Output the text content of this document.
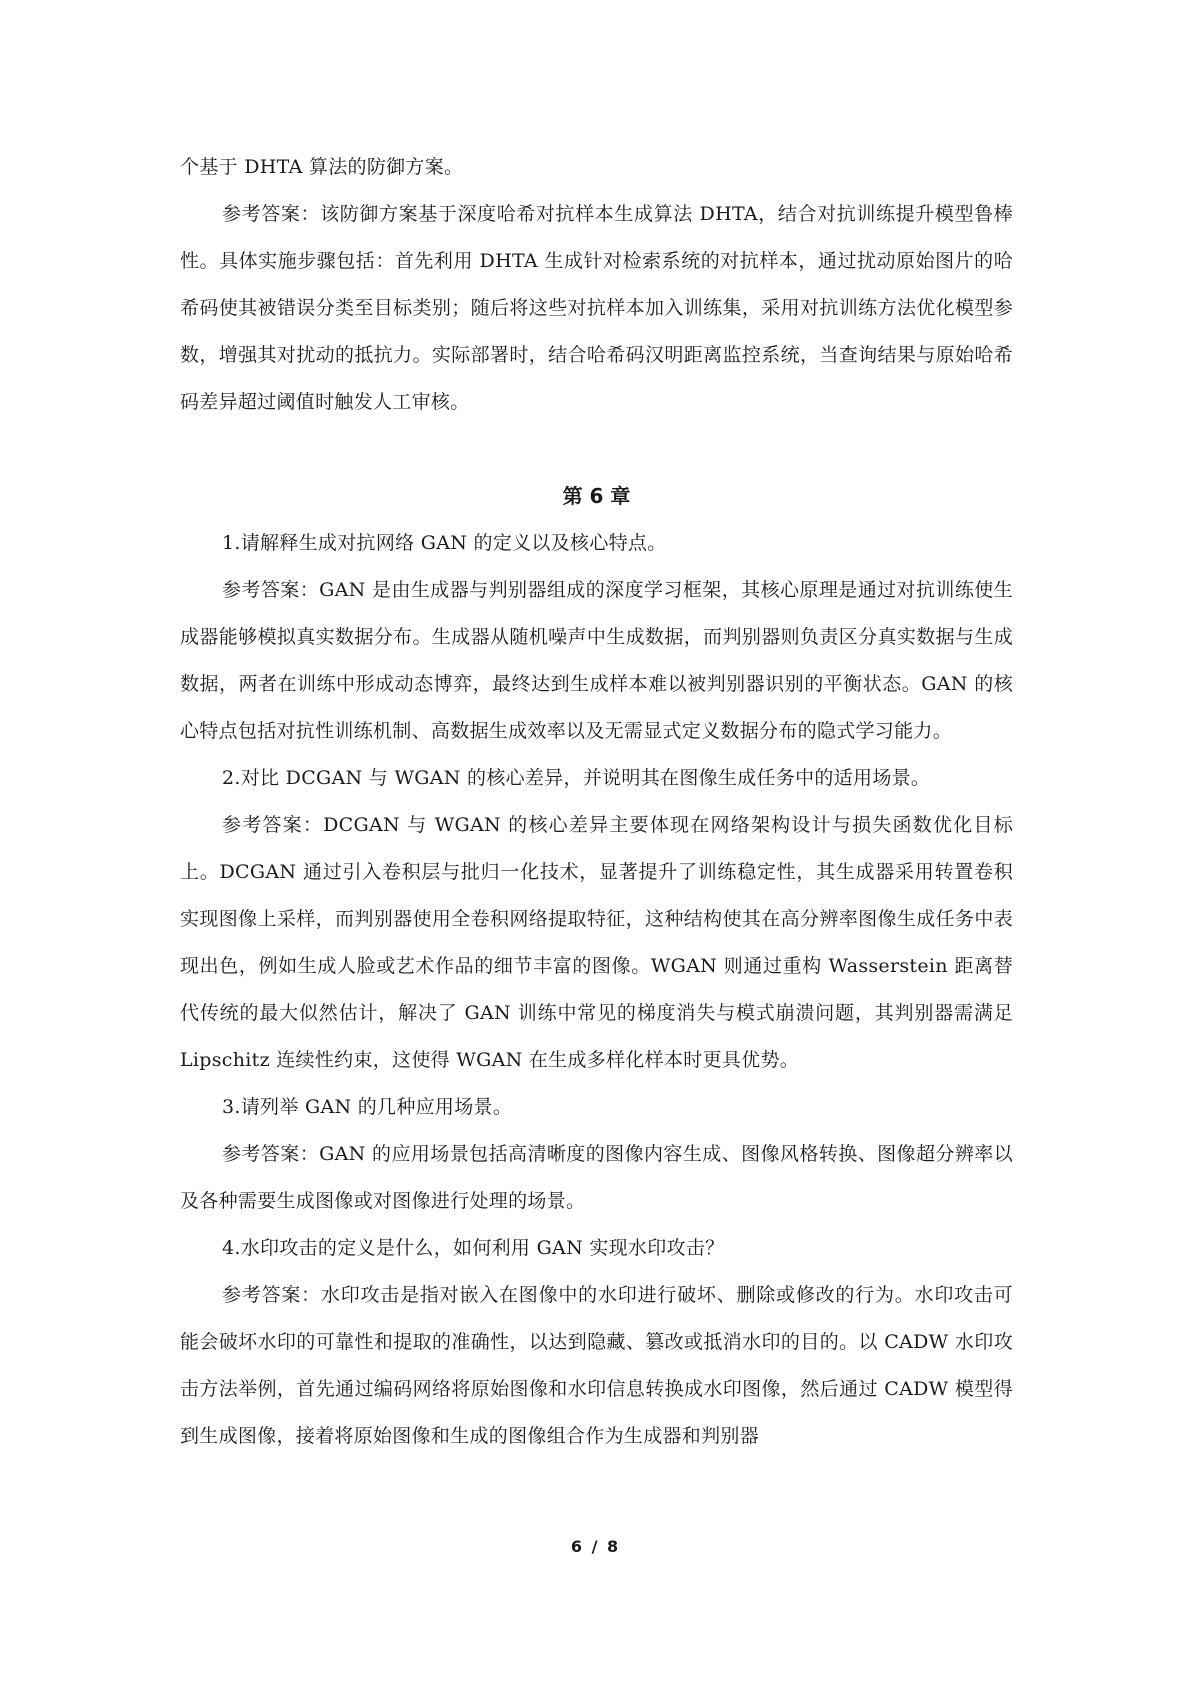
个基于 DHTA 算法的防御方案。

参考答案：该防御方案基于深度哈希对抗样本生成算法 DHTA，结合对抗训练提升模型鲁棒性。具体实施步骤包括：首先利用 DHTA 生成针对检索系统的对抗样本，通过扰动原始图片的哈希码使其被错误分类至目标类别；随后将这些对抗样本加入训练集，采用对抗训练方法优化模型参数，增强其对扰动的抵抗力。实际部署时，结合哈希码汉明距离监控系统，当查询结果与原始哈希码差异超过阈值时触发人工审核。

第 6 章

1.请解释生成对抗网络 GAN 的定义以及核心特点。

参考答案：GAN 是由生成器与判别器组成的深度学习框架，其核心原理是通过对抗训练使生成器能够模拟真实数据分布。生成器从随机噪声中生成数据，而判别器则负责区分真实数据与生成数据，两者在训练中形成动态博弈，最终达到生成样本难以被判别器识别的平衡状态。GAN 的核心特点包括对抗性训练机制、高数据生成效率以及无需显式定义数据分布的隐式学习能力。

2.对比 DCGAN 与 WGAN 的核心差异，并说明其在图像生成任务中的适用场景。

参考答案：DCGAN 与 WGAN 的核心差异主要体现在网络架构设计与损失函数优化目标上。DCGAN 通过引入卷积层与批归一化技术，显著提升了训练稳定性，其生成器采用转置卷积实现图像上采样，而判别器使用全卷积网络提取特征，这种结构使其在高分辨率图像生成任务中表现出色，例如生成人脸或艺术作品的细节丰富的图像。WGAN 则通过重构 Wasserstein 距离替代传统的最大似然估计，解决了 GAN 训练中常见的梯度消失与模式崩溃问题，其判别器需满足 Lipschitz 连续性约束，这使得 WGAN 在生成多样化样本时更具优势。

3.请列举 GAN 的几种应用场景。

参考答案：GAN 的应用场景包括高清晰度的图像内容生成、图像风格转换、图像超分辨率以及各种需要生成图像或对图像进行处理的场景。

4.水印攻击的定义是什么，如何利用 GAN 实现水印攻击？

参考答案：水印攻击是指对嵌入在图像中的水印进行破坏、删除或修改的行为。水印攻击可能会破坏水印的可靠性和提取的准确性，以达到隐藏、篡改或抵消水印的目的。以 CADW 水印攻击方法举例，首先通过编码网络将原始图像和水印信息转换成水印图像，然后通过 CADW 模型得到生成图像，接着将原始图像和生成的图像组合作为生成器和判别器

6 / 8
